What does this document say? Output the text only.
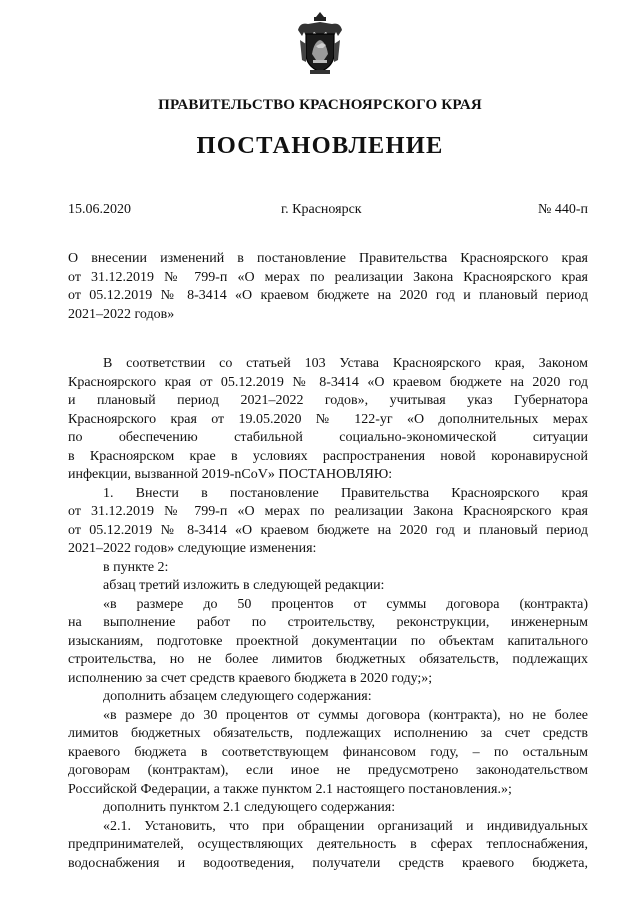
ПРАВИТЕЛЬСТВО КРАСНОЯРСКОГО КРАЯ
ПОСТАНОВЛЕНИЕ
15.06.2020	г. Красноярск	№ 440-п
О внесении изменений в постановление Правительства Красноярского края
от 31.12.2019 № 799-п «О мерах по реализации Закона Красноярского края
от 05.12.2019 № 8-3414 «О краевом бюджете на 2020 год и плановый период
2021–2022 годов»
В соответствии со статьей 103 Устава Красноярского края, Законом
Красноярского края от 05.12.2019 № 8-3414 «О краевом бюджете на 2020 год
и плановый период 2021–2022 годов», учитывая указ Губернатора
Красноярского края от 19.05.2020 № 122-уг «О дополнительных мерах
по обеспечению стабильной социально-экономической ситуации
в Красноярском крае в условиях распространения новой коронавирусной
инфекции, вызванной 2019-nCoV» ПОСТАНОВЛЯЮ:
1. Внести в постановление Правительства Красноярского края
от 31.12.2019 № 799-п «О мерах по реализации Закона Красноярского края
от 05.12.2019 № 8-3414 «О краевом бюджете на 2020 год и плановый период
2021–2022 годов» следующие изменения:
в пункте 2:
абзац третий изложить в следующей редакции:
«в размере до 50 процентов от суммы договора (контракта)
на выполнение работ по строительству, реконструкции, инженерным
изысканиям, подготовке проектной документации по объектам капитального
строительства, но не более лимитов бюджетных обязательств, подлежащих
исполнению за счет средств краевого бюджета в 2020 году;»;
дополнить абзацем следующего содержания:
«в размере до 30 процентов от суммы договора (контракта), но не более
лимитов бюджетных обязательств, подлежащих исполнению за счет средств
краевого бюджета в соответствующем финансовом году, – по остальным
договорам (контрактам), если иное не предусмотрено законодательством
Российской Федерации, а также пунктом 2.1 настоящего постановления.»;
дополнить пунктом 2.1 следующего содержания:
«2.1. Установить, что при обращении организаций и индивидуальных
предпринимателей, осуществляющих деятельность в сферах теплоснабжения,
водоснабжения и водоотведения, получатели средств краевого бюджета,
